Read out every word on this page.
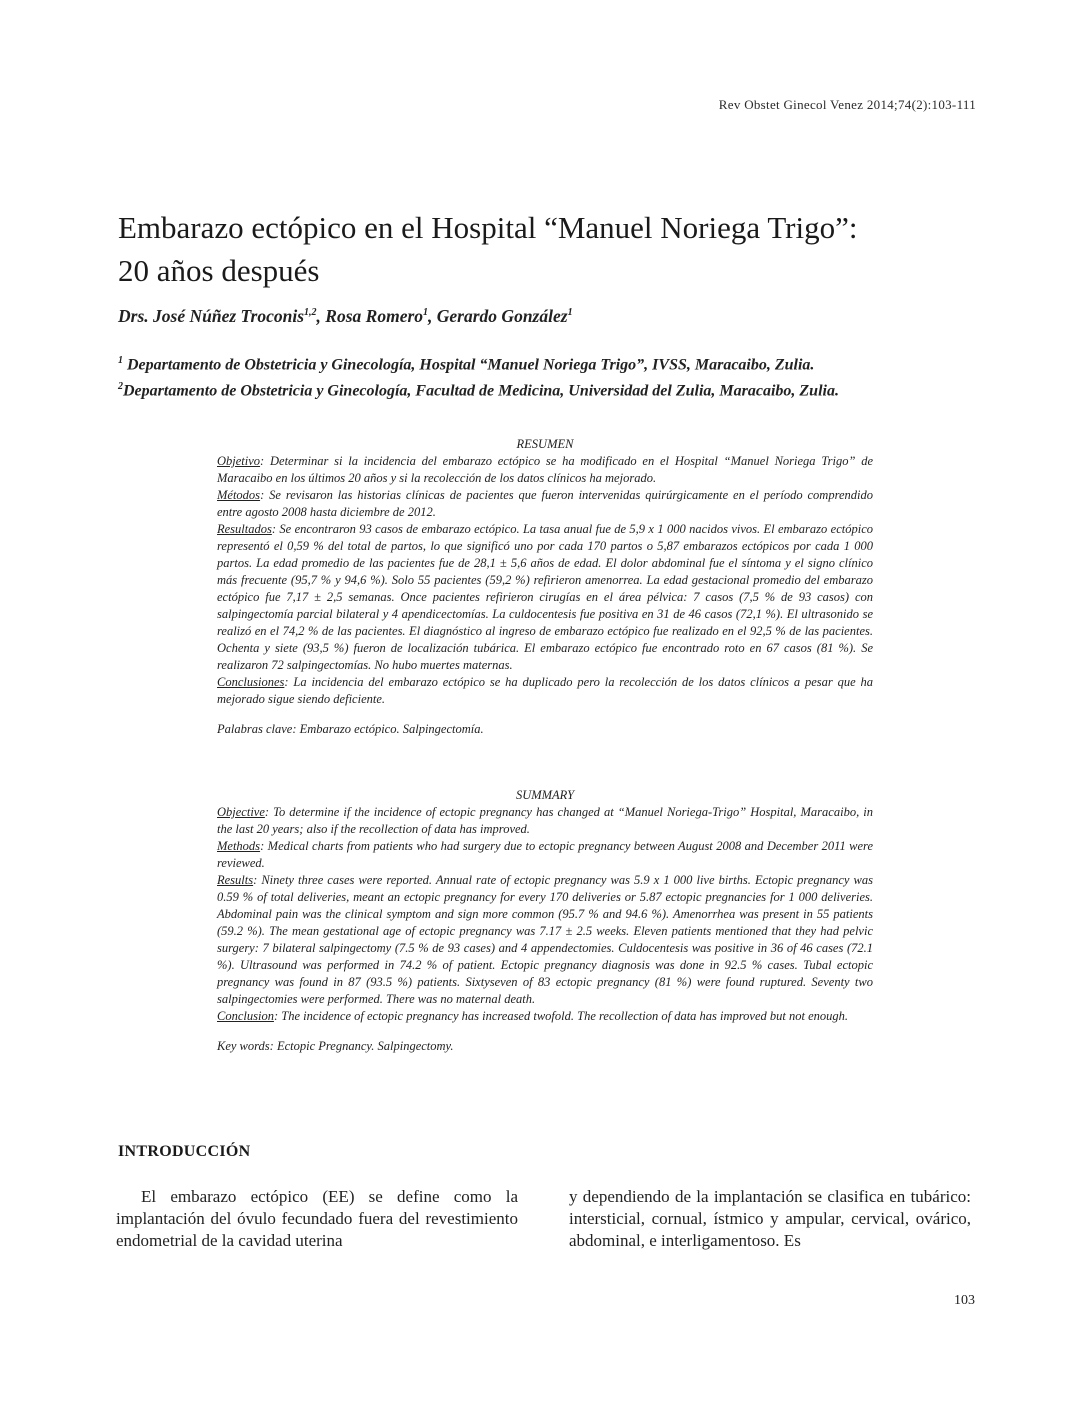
Rev Obstet Ginecol Venez 2014;74(2):103-111
Embarazo ectópico en el Hospital “Manuel Noriega Trigo”:
20 años después
Drs. José Núñez Troconis$^{1,2}$, Rosa Romero$^1$, Gerardo González$^1$
$^1$ Departamento de Obstetricia y Ginecología, Hospital “Manuel Noriega Trigo”, IVSS, Maracaibo, Zulia.
$^2$Departamento de Obstetricia y Ginecología, Facultad de Medicina, Universidad del Zulia, Maracaibo, Zulia.

RESUMEN

Objetivo: Determinar si la incidencia del embarazo ectópico se ha modificado en el Hospital “Manuel Noriega Trigo” de Maracaibo en los últimos 20 años y si la recolección de los datos clínicos ha mejorado.

Métodos: Se revisaron las historias clínicas de pacientes que fueron intervenidas quirúrgicamente en el período comprendido entre agosto 2008 hasta diciembre de 2012.

Resultados: Se encontraron 93 casos de embarazo ectópico. La tasa anual fue de 5,9 x 1 000 nacidos vivos. El embarazo ectópico representó el 0,59 % del total de partos, lo que significó uno por cada 170 partos o 5,87 embarazos ectópicos por cada 1 000 partos. La edad promedio de las pacientes fue de 28,1 ± 5,6 años de edad. El dolor abdominal fue el síntoma y el signo clínico más frecuente (95,7 % y 94,6 %). Solo 55 pacientes (59,2 %) refirieron amenorrea. La edad gestacional promedio del embarazo ectópico fue 7,17 ± 2,5 semanas. Once pacientes refirieron cirugías en el área pélvica: 7 casos (7,5 % de 93 casos) con salpingectomía parcial bilateral y 4 apendicectomías. La culdocentesis fue positiva en 31 de 46 casos (72,1 %). El ultrasonido se realizó en el 74,2 % de las pacientes. El diagnóstico al ingreso de embarazo ectópico fue realizado en el 92,5 % de las pacientes. Ochenta y siete (93,5 %) fueron de localización tubárica. El embarazo ectópico fue encontrado roto en 67 casos (81 %). Se realizaron 72 salpingectomías. No hubo muertes maternas.

Conclusiones: La incidencia del embarazo ectópico se ha duplicado pero la recolección de los datos clínicos a pesar que ha mejorado sigue siendo deficiente.

Palabras clave: Embarazo ectópico. Salpingectomía.

SUMMARY

Objective: To determine if the incidence of ectopic pregnancy has changed at “Manuel Noriega-Trigo” Hospital, Maracaibo, in the last 20 years; also if the recollection of data has improved.

Methods: Medical charts from patients who had surgery due to ectopic pregnancy between August 2008 and December 2011 were reviewed.

Results: Ninety three cases were reported. Annual rate of ectopic pregnancy was 5.9 x 1 000 live births. Ectopic pregnancy was 0.59 % of total deliveries, meant an ectopic pregnancy for every 170 deliveries or 5.87 ectopic pregnancies for 1 000 deliveries. Abdominal pain was the clinical symptom and sign more common (95.7 % and 94.6 %). Amenorrhea was present in 55 patients (59.2 %). The mean gestational age of ectopic pregnancy was 7.17 ± 2.5 weeks. Eleven patients mentioned that they had pelvic surgery: 7 bilateral salpingectomy (7.5 % de 93 cases) and 4 appendectomies. Culdocentesis was positive in 36 of 46 cases (72.1 %). Ultrasound was performed in 74.2 % of patient. Ectopic pregnancy diagnosis was done in 92.5 % cases. Tubal ectopic pregnancy was found in 87 (93.5 %) patients. Sixtyseven of 83 ectopic pregnancy (81 %) were found ruptured. Seventy two salpingectomies were performed. There was no maternal death.

Conclusion: The incidence of ectopic pregnancy has increased twofold. The recollection of data has improved but not enough.

Key words: Ectopic Pregnancy. Salpingectomy.

INTRODUCCIÓN

El embarazo ectópico (EE) se define como la implantación del óvulo fecundado fuera del revestimiento endometrial de la cavidad uterina

y dependiendo de la implantación se clasifica en tubárico: intersticial, cornual, ístmico y ampular, cervical, ovárico, abdominal, e interligamentoso. Es

103
